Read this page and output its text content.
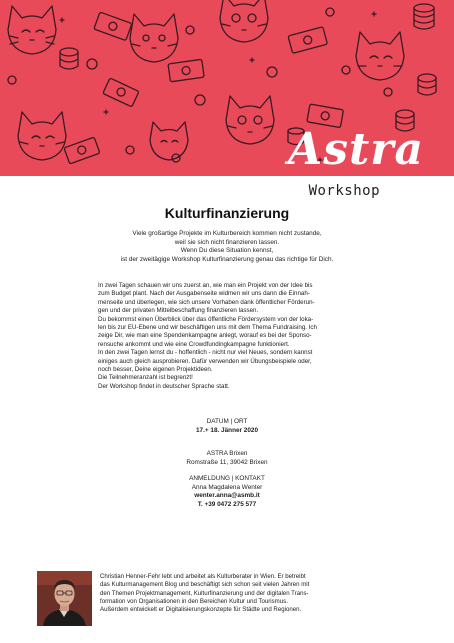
Astra
Workshop
Kulturfinanzierung
Viele großartige Projekte im Kulturbereich kommen nicht zustande,
weil sie sich nicht finanzieren lassen.
Wenn Du diese Situation kennst,
ist der zweitägige Workshop Kulturfinanzierung genau das richtige für Dich.
In zwei Tagen schauen wir uns zuerst an, wie man ein Projekt von der Idee bis
zum Budget plant. Nach der Ausgabenseite widmen wir uns dann die Einnah-
menseite und überlegen, wie sich unsere Vorhaben dank öffentlicher Förderun-
gen und der privaten Mittelbeschaffung finanzieren lassen.
Du bekommst einen Überblick über das öffentliche Fördersystem von der loka-
len bis zur EU-Ebene und wir beschäftigen uns mit dem Thema Fundraising. Ich
zeige Dir, wie man eine Spendenkampagne anlegt, worauf es bei der Sponso-
rensuche ankommt und wie eine Crowdfundingkampagne funktioniert.
In den zwei Tagen lernst du - hoffentlich - nicht nur viel Neues, sondern kannst
einiges auch gleich ausprobieren. Dafür verwenden wir Übungsbeispiele oder,
noch besser, Deine eigenen Projektideen.
Die Teilnehmeranzahl ist begrenzt!
Der Workshop findet in deutscher Sprache statt.
DATUM | ORT
17.+ 18. Jänner 2020
ASTRA Brixen
Romstraße 11, 39042 Brixen
ANMELDUNG | KONTAKT
Anna Magdalena Wenter
wenter.anna@asmb.it
T. +39 0472 275 577
Christian Henner-Fehr lebt und arbeitet als Kulturberater in Wien. Er betreibt
das Kulturmanagement Blog und beschäftigt sich schon seit vielen Jahren mit
den Themen Projektmanagement, Kulturfinanzierung und der digitalen Trans-
formation von Organisationen in den Bereichen Kultur und Tourismus.
Außerdem entwickelt er Digitalisierungskonzepte für Städte und Regionen.
